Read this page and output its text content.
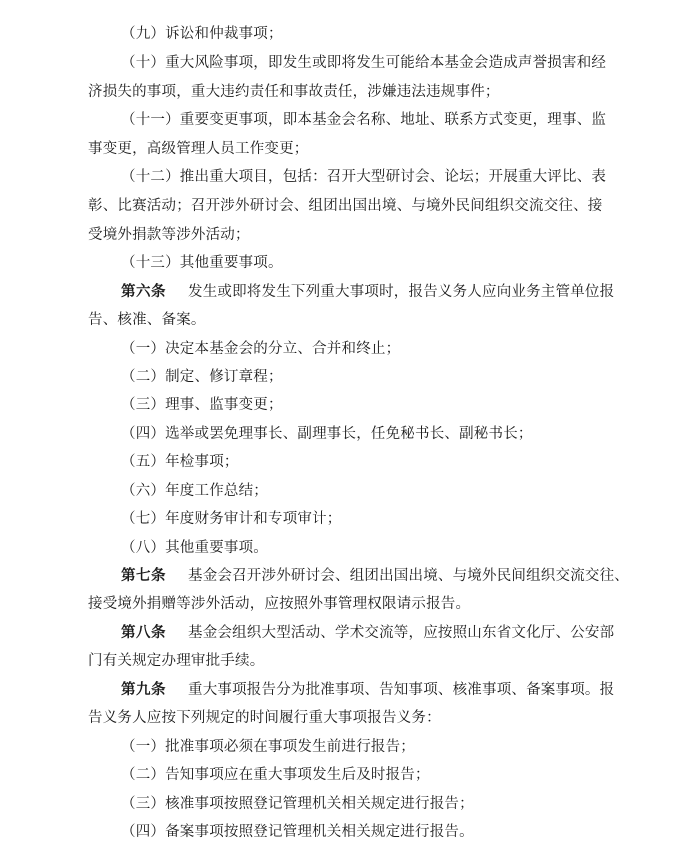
（九）诉讼和仲裁事项；
（十）重大风险事项，即发生或即将发生可能给本基金会造成声誉损害和经
济损失的事项，重大违约责任和事故责任，涉嫌违法违规事件；
（十一）重要变更事项，即本基金会名称、地址、联系方式变更，理事、监
事变更，高级管理人员工作变更；
（十二）推出重大项目，包括：召开大型研讨会、论坛；开展重大评比、表
彰、比赛活动；召开涉外研讨会、组团出国出境、与境外民间组织交流交往、接
受境外捐款等涉外活动；
（十三）其他重要事项。
第六条 发生或即将发生下列重大事项时，报告义务人应向业务主管单位报
告、核准、备案。
（一）决定本基金会的分立、合并和终止；
（二）制定、修订章程；
（三）理事、监事变更；
（四）选举或罢免理事长、副理事长，任免秘书长、副秘书长；
（五）年检事项；
（六）年度工作总结；
（七）年度财务审计和专项审计；
（八）其他重要事项。
第七条 基金会召开涉外研讨会、组团出国出境、与境外民间组织交流交往、
接受境外捐赠等涉外活动，应按照外事管理权限请示报告。
第八条 基金会组织大型活动、学术交流等，应按照山东省文化厅、公安部
门有关规定办理审批手续。
第九条 重大事项报告分为批准事项、告知事项、核准事项、备案事项。报
告义务人应按下列规定的时间履行重大事项报告义务：
（一）批准事项必须在事项发生前进行报告；
（二）告知事项应在重大事项发生后及时报告；
（三）核准事项按照登记管理机关相关规定进行报告；
（四）备案事项按照登记管理机关相关规定进行报告。
